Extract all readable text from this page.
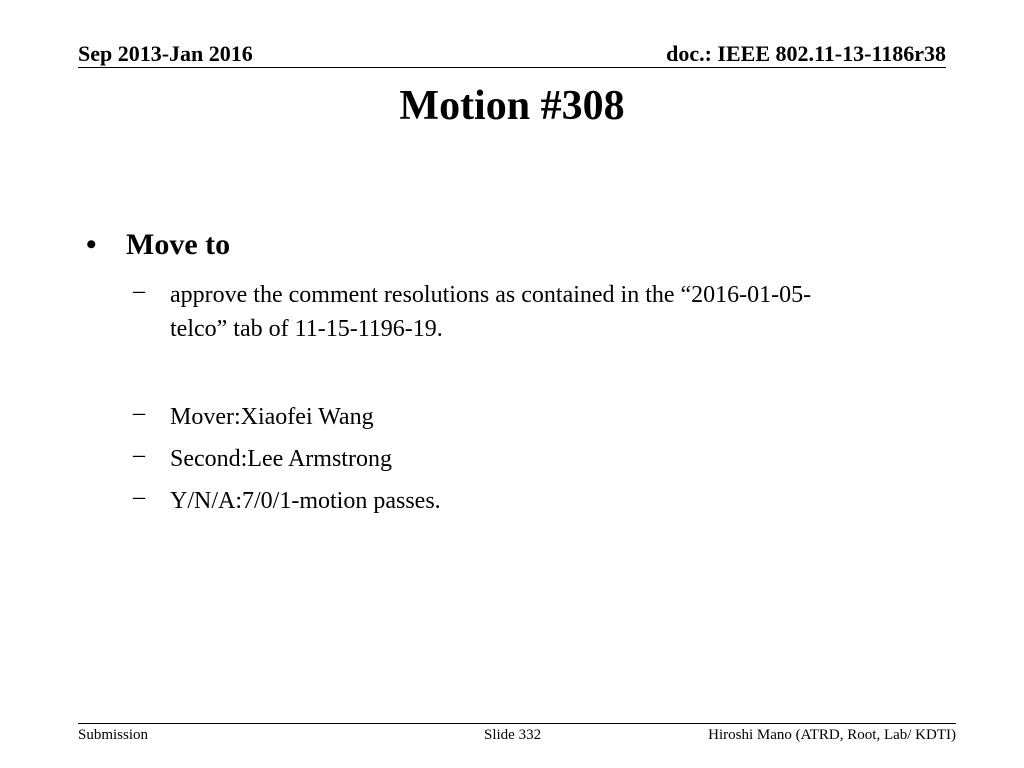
Sep 2013-Jan 2016	doc.: IEEE 802.11-13-1186r38
Motion #308
• Move to
– approve the comment resolutions as contained in the “2016-01-05-
telco” tab of 11-15-1196-19.
– Mover:Xiaofei Wang
– Second:Lee Armstrong
– Y/N/A:7/0/1-motion passes.
Submission	Slide 332	Hiroshi Mano (ATRD, Root, Lab/ KDTI)
